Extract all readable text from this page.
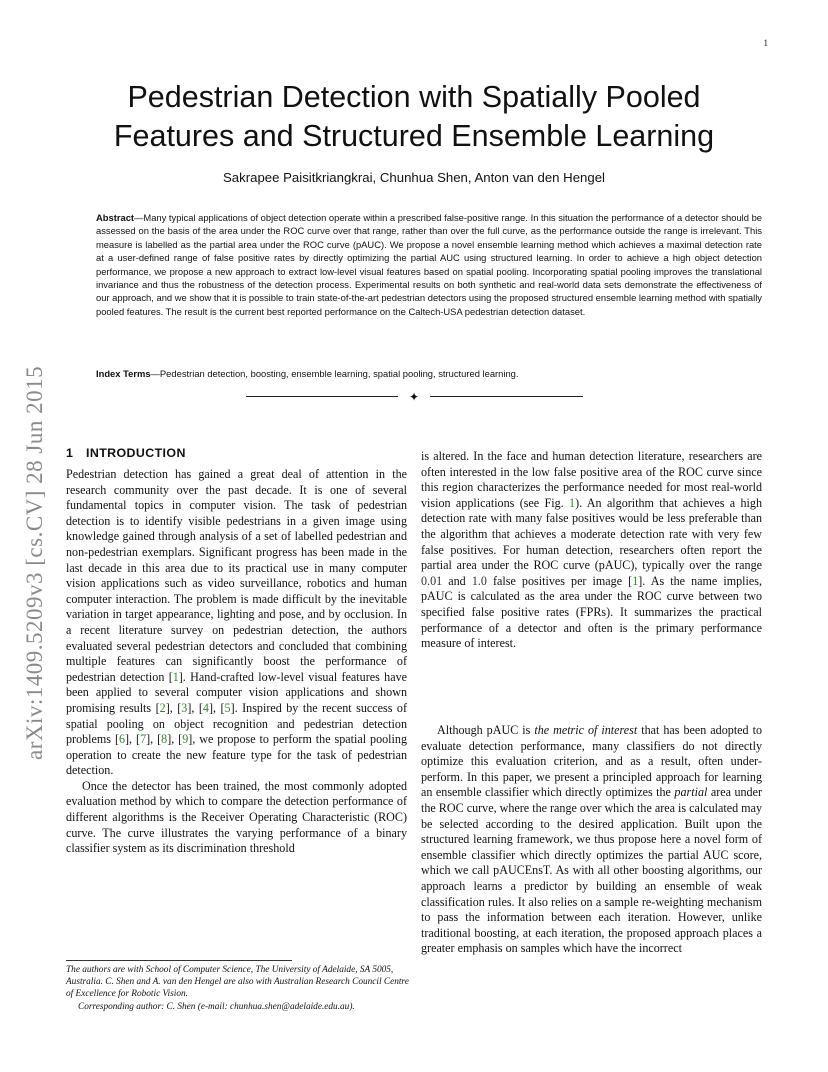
1
arXiv:1409.5209v3 [cs.CV] 28 Jun 2015
Pedestrian Detection with Spatially Pooled Features and Structured Ensemble Learning
Sakrapee Paisitkriangkrai, Chunhua Shen, Anton van den Hengel

Abstract—Many typical applications of object detection operate within a prescribed false-positive range. In this situation the performance of a detector should be assessed on the basis of the area under the ROC curve over that range, rather than over the full curve, as the performance outside the range is irrelevant. This measure is labelled as the partial area under the ROC curve (pAUC). We propose a novel ensemble learning method which achieves a maximal detection rate at a user-defined range of false positive rates by directly optimizing the partial AUC using structured learning. In order to achieve a high object detection performance, we propose a new approach to extract low-level visual features based on spatial pooling. Incorporating spatial pooling improves the translational invariance and thus the robustness of the detection process. Experimental results on both synthetic and real-world data sets demonstrate the effectiveness of our approach, and we show that it is possible to train state-of-the-art pedestrian detectors using the proposed structured ensemble learning method with spatially pooled features. The result is the current best reported performance on the Caltech-USA pedestrian detection dataset.

Index Terms—Pedestrian detection, boosting, ensemble learning, spatial pooling, structured learning.

✦
1 INTRODUCTION

Pedestrian detection has gained a great deal of attention in the research community over the past decade. It is one of several fundamental topics in computer vision. The task of pedestrian detection is to identify visible pedestrians in a given image using knowledge gained through analysis of a set of labelled pedestrian and non-pedestrian exemplars. Significant progress has been made in the last decade in this area due to its practical use in many computer vision applications such as video surveillance, robotics and human computer interaction. The problem is made difficult by the inevitable variation in target appearance, lighting and pose, and by occlusion. In a recent literature survey on pedestrian detection, the authors evaluated several pedestrian detectors and concluded that combining multiple features can significantly boost the performance of pedestrian detection [1]. Hand-crafted low-level visual features have been applied to several computer vision applications and shown promising results [2], [3], [4], [5]. Inspired by the recent success of spatial pooling on object recognition and pedestrian detection problems [6], [7], [8], [9], we propose to perform the spatial pooling operation to create the new feature type for the task of pedestrian detection.

Once the detector has been trained, the most commonly adopted evaluation method by which to compare the detection performance of different algorithms is the Receiver Operating Characteristic (ROC) curve. The curve illustrates the varying performance of a binary classifier system as its discrimination threshold

is altered. In the face and human detection literature, researchers are often interested in the low false positive area of the ROC curve since this region characterizes the performance needed for most real-world vision applications (see Fig. 1). An algorithm that achieves a high detection rate with many false positives would be less preferable than the algorithm that achieves a moderate detection rate with very few false positives. For human detection, researchers often report the partial area under the ROC curve (pAUC), typically over the range 0.01 and 1.0 false positives per image [1]. As the name implies, pAUC is calculated as the area under the ROC curve between two specified false positive rates (FPRs). It summarizes the practical performance of a detector and often is the primary performance measure of interest.

Although pAUC is the metric of interest that has been adopted to evaluate detection performance, many classifiers do not directly optimize this evaluation criterion, and as a result, often under-perform. In this paper, we present a principled approach for learning an ensemble classifier which directly optimizes the partial area under the ROC curve, where the range over which the area is calculated may be selected according to the desired application. Built upon the structured learning framework, we thus propose here a novel form of ensemble classifier which directly optimizes the partial AUC score, which we call pAUCEnsT. As with all other boosting algorithms, our approach learns a predictor by building an ensemble of weak classification rules. It also relies on a sample re-weighting mechanism to pass the information between each iteration. However, unlike traditional boosting, at each iteration, the proposed approach places a greater emphasis on samples which have the incorrect

The authors are with School of Computer Science, The University of Adelaide, SA 5005, Australia. C. Shen and A. van den Hengel are also with Australian Research Council Centre of Excellence for Robotic Vision.

Corresponding author: C. Shen (e-mail: chunhua.shen@adelaide.edu.au).
